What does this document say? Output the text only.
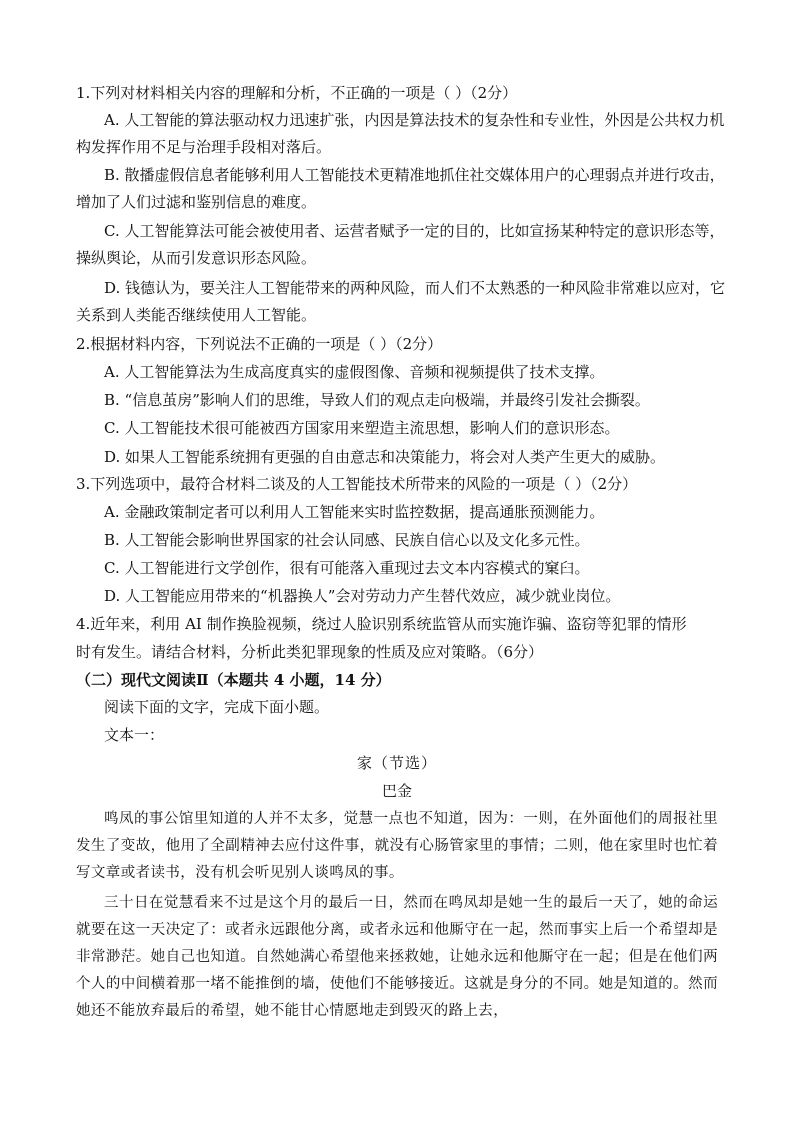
1.下列对材料相关内容的理解和分析，不正确的一项是（ ）（2分）
A. 人工智能的算法驱动权力迅速扩张，内因是算法技术的复杂性和专业性，外因是公共权力机构发挥作用不足与治理手段相对落后。
B. 散播虚假信息者能够利用人工智能技术更精准地抓住社交媒体用户的心理弱点并进行攻击，增加了人们过滤和鉴别信息的难度。
C. 人工智能算法可能会被使用者、运营者赋予一定的目的，比如宣扬某种特定的意识形态等，操纵舆论，从而引发意识形态风险。
D. 钱德认为，要关注人工智能带来的两种风险，而人们不太熟悉的一种风险非常难以应对，它关系到人类能否继续使用人工智能。
2.根据材料内容，下列说法不正确的一项是（ ）（2分）
A. 人工智能算法为生成高度真实的虚假图像、音频和视频提供了技术支撑。
B. “信息茧房”影响人们的思维，导致人们的观点走向极端，并最终引发社会撕裂。
C. 人工智能技术很可能被西方国家用来塑造主流思想，影响人们的意识形态。
D. 如果人工智能系统拥有更强的自由意志和决策能力，将会对人类产生更大的威胁。
3.下列选项中，最符合材料二谈及的人工智能技术所带来的风险的一项是（ ）（2分）
A. 金融政策制定者可以利用人工智能来实时监控数据，提高通胀预测能力。
B. 人工智能会影响世界国家的社会认同感、民族自信心以及文化多元性。
C. 人工智能进行文学创作，很有可能落入重现过去文本内容模式的窠臼。
D. 人工智能应用带来的“机器换人”会对劳动力产生替代效应，减少就业岗位。
4.近年来，利用 AI 制作换脸视频，绕过人脸识别系统监管从而实施诈骗、盗窃等犯罪的情形
时有发生。请结合材料，分析此类犯罪现象的性质及应对策略。（6分）
（二）现代文阅读Ⅱ（本题共 4 小题，14 分）
阅读下面的文字，完成下面小题。
文本一：
家（节选）
巴金
鸣凤的事公馆里知道的人并不太多，觉慧一点也不知道，因为：一则，在外面他们的周报社里发生了变故，他用了全副精神去应付这件事，就没有心肠管家里的事情；二则，他在家里时也忙着写文章或者读书，没有机会听见别人谈鸣凤的事。
三十日在觉慧看来不过是这个月的最后一日，然而在鸣凤却是她一生的最后一天了，她的命运就要在这一天决定了：或者永远跟他分离，或者永远和他厮守在一起，然而事实上后一个希望却是非常渺茫。她自己也知道。自然她满心希望他来拯救她，让她永远和他厮守在一起；但是在他们两个人的中间横着那一堵不能推倒的墙，使他们不能够接近。这就是身分的不同。她是知道的。然而她还不能放弃最后的希望，她不能甘心情愿地走到毁灭的路上去，
